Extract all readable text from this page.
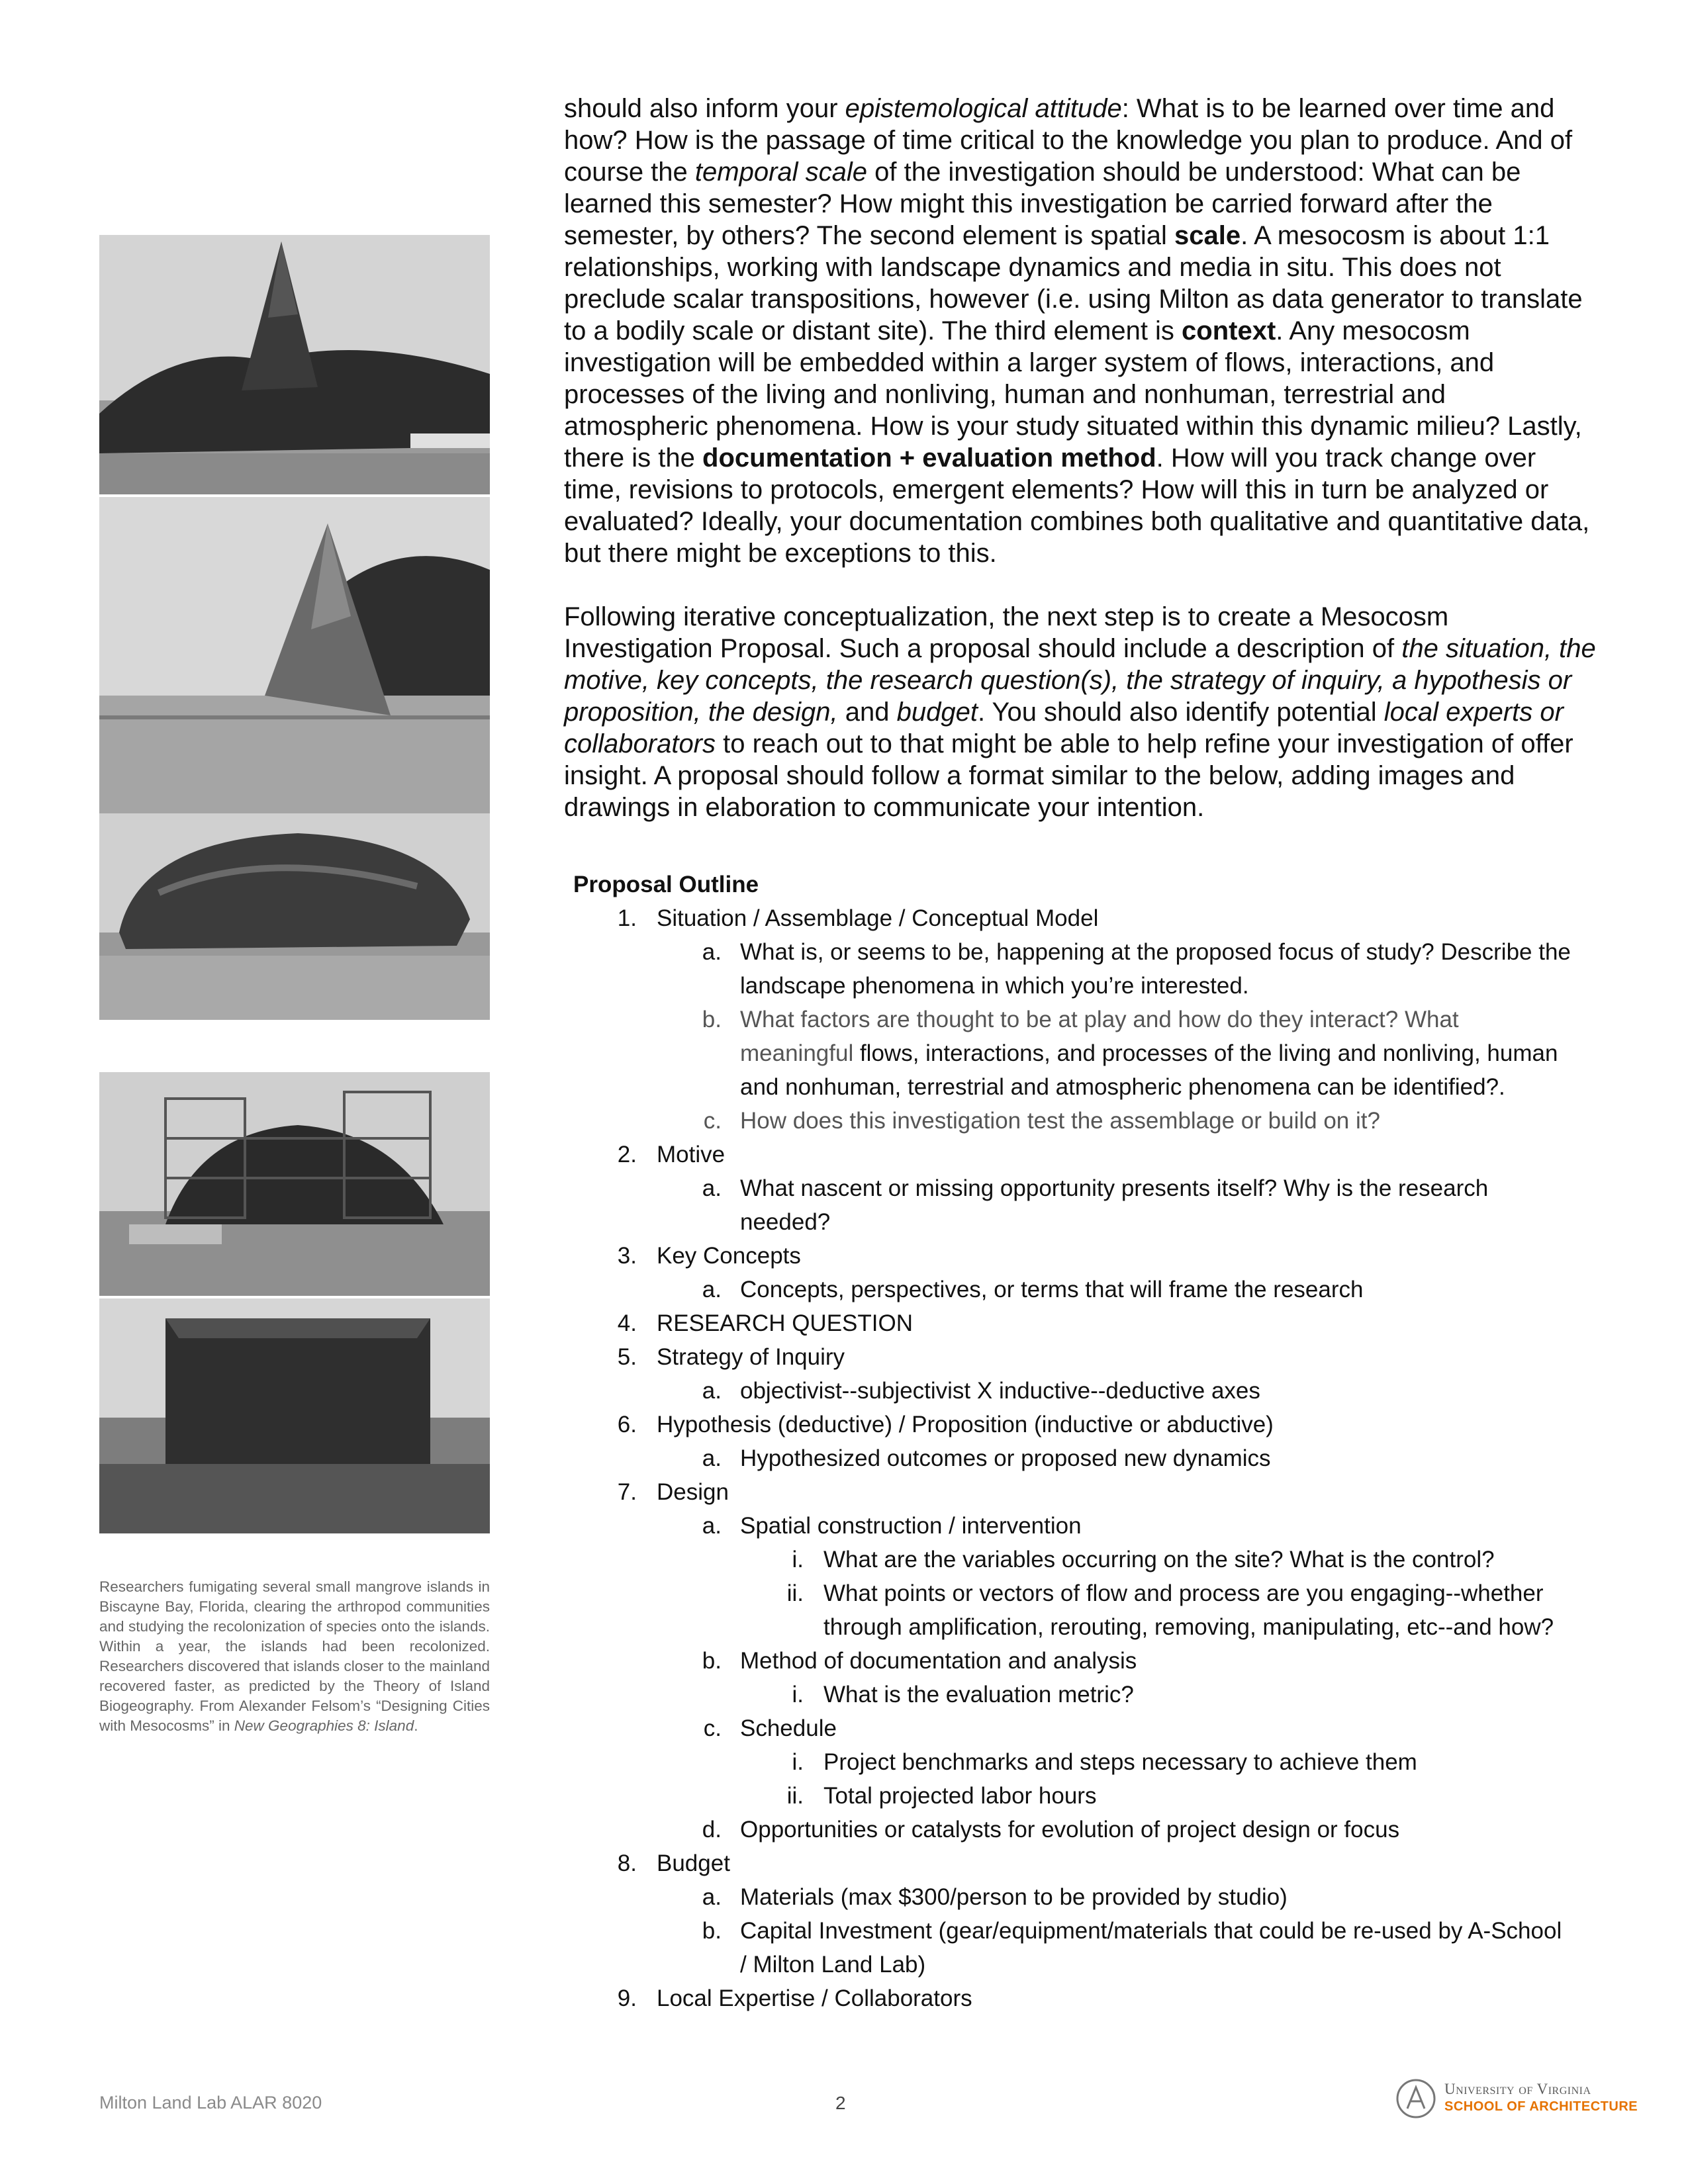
Researchers fumigating several small mangrove islands in Biscayne Bay, Florida, clearing the arthropod communities and studying the recolonization of species onto the islands. Within a year, the islands had been recolonized. Researchers discovered that islands closer to the mainland recovered faster, as predicted by the Theory of Island Biogeography. From Alexander Felsom’s “Designing Cities with Mesocosms” in New Geographies 8: Island.

should also inform your epistemological attitude: What is to be learned over time and how? How is the passage of time critical to the knowledge you plan to produce. And of course the temporal scale of the investigation should be understood: What can be learned this semester? How might this investigation be carried forward after the semester, by others? The second element is spatial scale. A mesocosm is about 1:1 relationships, working with landscape dynamics and media in situ. This does not preclude scalar transpositions, however (i.e. using Milton as data generator to translate to a bodily scale or distant site). The third element is context. Any mesocosm investigation will be embedded within a larger system of flows, interactions, and processes of the living and nonliving, human and nonhuman, terrestrial and atmospheric phenomena. How is your study situated within this dynamic milieu? Lastly, there is the documentation + evaluation method. How will you track change over time, revisions to protocols, emergent elements? How will this in turn be analyzed or evaluated? Ideally, your documentation combines both qualitative and quantitative data, but there might be exceptions to this.

Following iterative conceptualization, the next step is to create a Mesocosm Investigation Proposal. Such a proposal should include a description of the situation, the motive, key concepts, the research question(s), the strategy of inquiry, a hypothesis or proposition, the design, and budget. You should also identify potential local experts or collaborators to reach out to that might be able to help refine your investigation of offer insight. A proposal should follow a format similar to the below, adding images and drawings in elaboration to communicate your intention.

Proposal Outline
1. Situation / Assemblage / Conceptual Model
a. What is, or seems to be, happening at the proposed focus of study? Describe the landscape phenomena in which you’re interested.
b. What factors are thought to be at play and how do they interact? What meaningful flows, interactions, and processes of the living and nonliving, human and nonhuman, terrestrial and atmospheric phenomena can be identified?.
c. How does this investigation test the assemblage or build on it?
2. Motive
a. What nascent or missing opportunity presents itself? Why is the research needed?
3. Key Concepts
a. Concepts, perspectives, or terms that will frame the research
4. RESEARCH QUESTION
5. Strategy of Inquiry
a. objectivist--subjectivist X inductive--deductive axes
6. Hypothesis (deductive) / Proposition (inductive or abductive)
a. Hypothesized outcomes or proposed new dynamics
7. Design
a. Spatial construction / intervention
i. What are the variables occurring on the site? What is the control?
ii. What points or vectors of flow and process are you engaging--whether through amplification, rerouting, removing, manipulating, etc--and how?
b. Method of documentation and analysis
i. What is the evaluation metric?
c. Schedule
i. Project benchmarks and steps necessary to achieve them
ii. Total projected labor hours
d. Opportunities or catalysts for evolution of project design or focus
8. Budget
a. Materials (max $300/person to be provided by studio)
b. Capital Investment (gear/equipment/materials that could be re-used by A-School / Milton Land Lab)
9. Local Expertise / Collaborators
Milton Land Lab ALAR 8020	2
University of Virginia
SCHOOL OF ARCHITECTURE
